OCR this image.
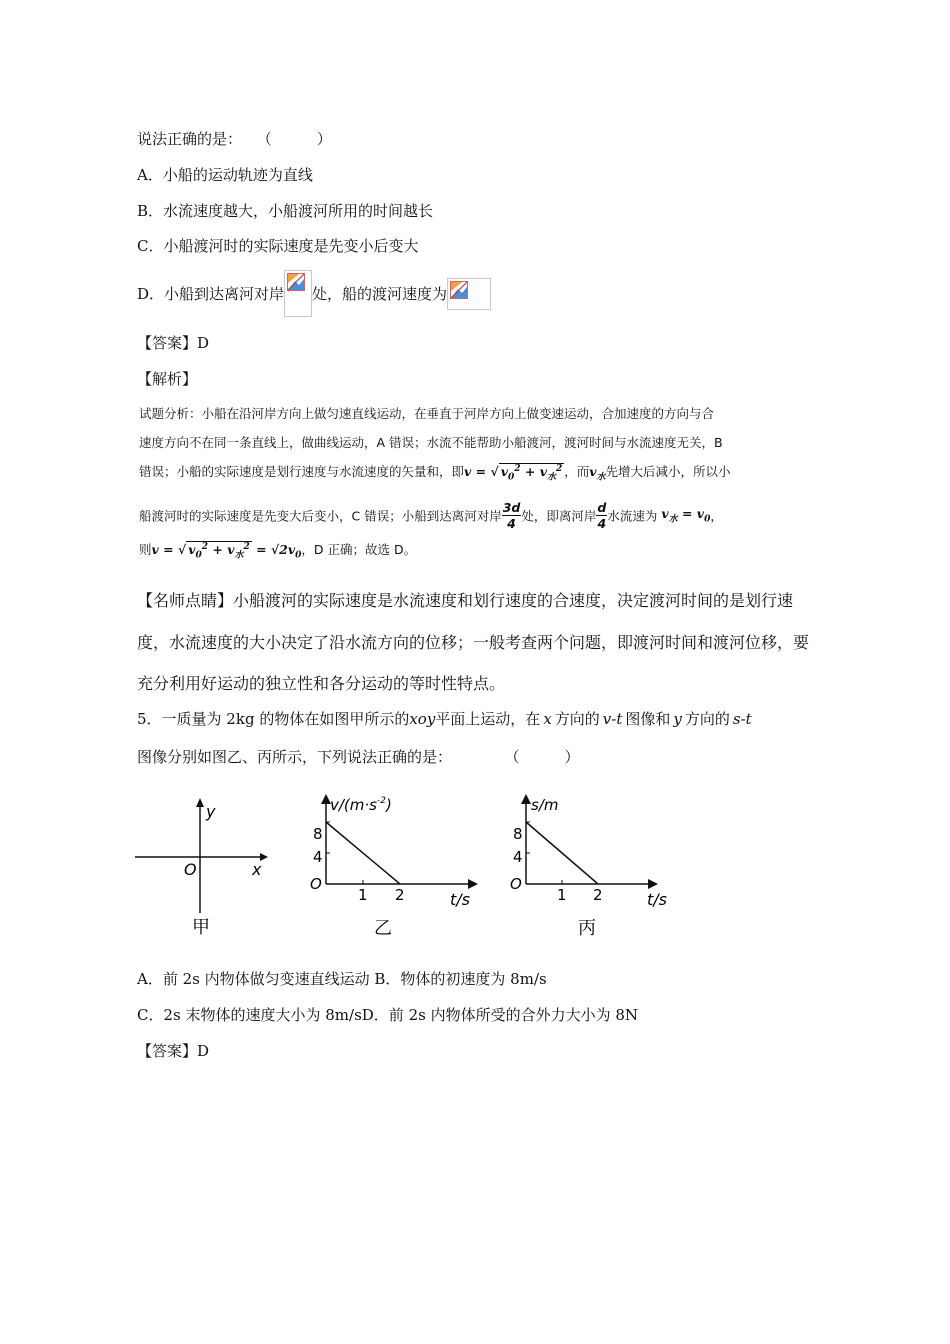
说法正确的是： （　　　）
A．小船的运动轨迹为直线
B．水流速度越大，小船渡河所用的时间越长
C．小船渡河时的实际速度是先变小后变大
D．小船到达离河对岸 处，船的渡河速度为
【答案】D
【解析】
试题分析：小船在沿河岸方向上做匀速直线运动，在垂直于河岸方向上做变速运动，合加速度的方向与合
速度方向不在同一条直线上，做曲线运动，A 错误；水流不能帮助小船渡河，渡河时间与水流速度无关，B
错误；小船的实际速度是划行速度与水流速度的矢量和，即v = √ $v_0^2 + v_水^2$ ，而$v_水$先增大后减小，所以小
船渡河时的实际速度是先变大后变小，C 错误；小船到达离河对岸 $\frac{3d}{4}$ 处，即离河岸 $\frac{d}{4}$ 水流速为 $v_水 = v_0$，
则v = √ $v_0^2 + v_水^2 = √2v_0$，D 正确；故选 D。
【名师点睛】小船渡河的实际速度是水流速度和划行速度的合速度，决定渡河时间的是划行速
度，水流速度的大小决定了沿水流方向的位移；一般考查两个问题，即渡河时间和渡河位移，要
充分利用好运动的独立性和各分运动的等时性特点。
5．一质量为 2kg 的物体在如图甲所示的xoy平面上运动，在 x 方向的 v-t 图像和 y 方向的 s-t
图像分别如图乙、丙所示，下列说法正确的是：	（　　　）
y
x
O
甲
$v/(m\cdot s^{-2})$
8
4
O
1 2	t/s
乙
s/m
8
4
O
1 2	t/s
丙
A．前 2s 内物体做匀变速直线运动 B．物体的初速度为 8m/s
C．2s 末物体的速度大小为 8m/sD．前 2s 内物体所受的合外力大小为 8N
【答案】D
